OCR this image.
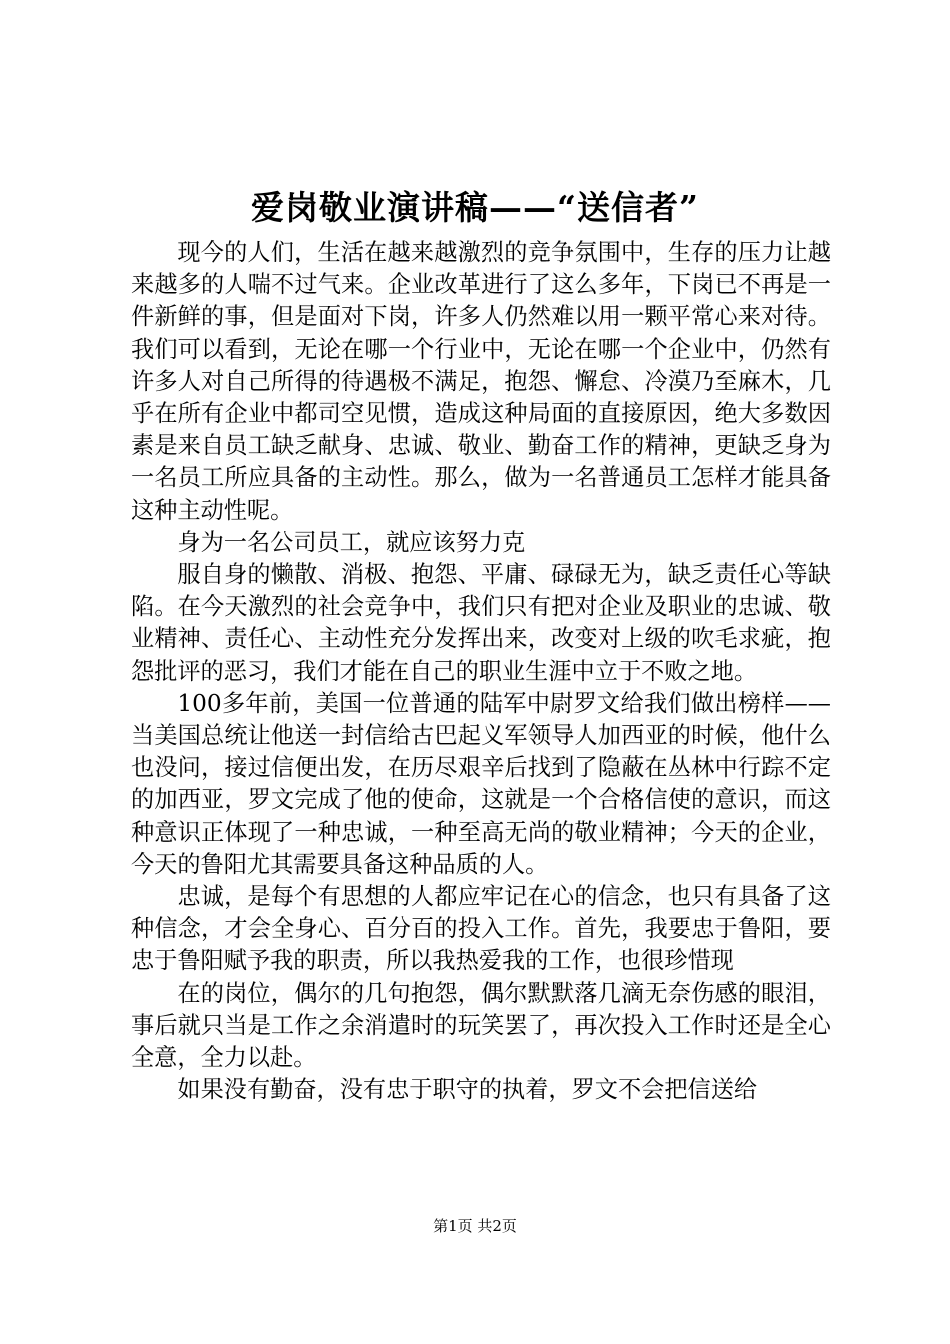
爱岗敬业演讲稿——“送信者”

现今的人们，生活在越来越激烈的竞争氛围中，生存的压力让越来越多的人喘不过气来。企业改革进行了这么多年，下岗已不再是一件新鲜的事，但是面对下岗，许多人仍然难以用一颗平常心来对待。我们可以看到，无论在哪一个行业中，无论在哪一个企业中，仍然有许多人对自己所得的待遇极不满足，抱怨、懈怠、冷漠乃至麻木，几乎在所有企业中都司空见惯，造成这种局面的直接原因，绝大多数因素是来自员工缺乏献身、忠诚、敬业、勤奋工作的精神，更缺乏身为一名员工所应具备的主动性。那么，做为一名普通员工怎样才能具备这种主动性呢。

身为一名公司员工，就应该努力克

服自身的懒散、消极、抱怨、平庸、碌碌无为，缺乏责任心等缺陷。在今天激烈的社会竞争中，我们只有把对企业及职业的忠诚、敬业精神、责任心、主动性充分发挥出来，改变对上级的吹毛求疵，抱怨批评的恶习，我们才能在自己的职业生涯中立于不败之地。

100多年前，美国一位普通的陆军中尉罗文给我们做出榜样——当美国总统让他送一封信给古巴起义军领导人加西亚的时候，他什么也没问，接过信便出发，在历尽艰辛后找到了隐蔽在丛林中行踪不定的加西亚，罗文完成了他的使命，这就是一个合格信使的意识，而这种意识正体现了一种忠诚，一种至高无尚的敬业精神；今天的企业，今天的鲁阳尤其需要具备这种品质的人。

忠诚，是每个有思想的人都应牢记在心的信念，也只有具备了这种信念，才会全身心、百分百的投入工作。首先，我要忠于鲁阳，要忠于鲁阳赋予我的职责，所以我热爱我的工作，也很珍惜现

在的岗位，偶尔的几句抱怨，偶尔默默落几滴无奈伤感的眼泪，事后就只当是工作之余消遣时的玩笑罢了，再次投入工作时还是全心全意，全力以赴。

如果没有勤奋，没有忠于职守的执着，罗文不会把信送给

第1页 共2页
